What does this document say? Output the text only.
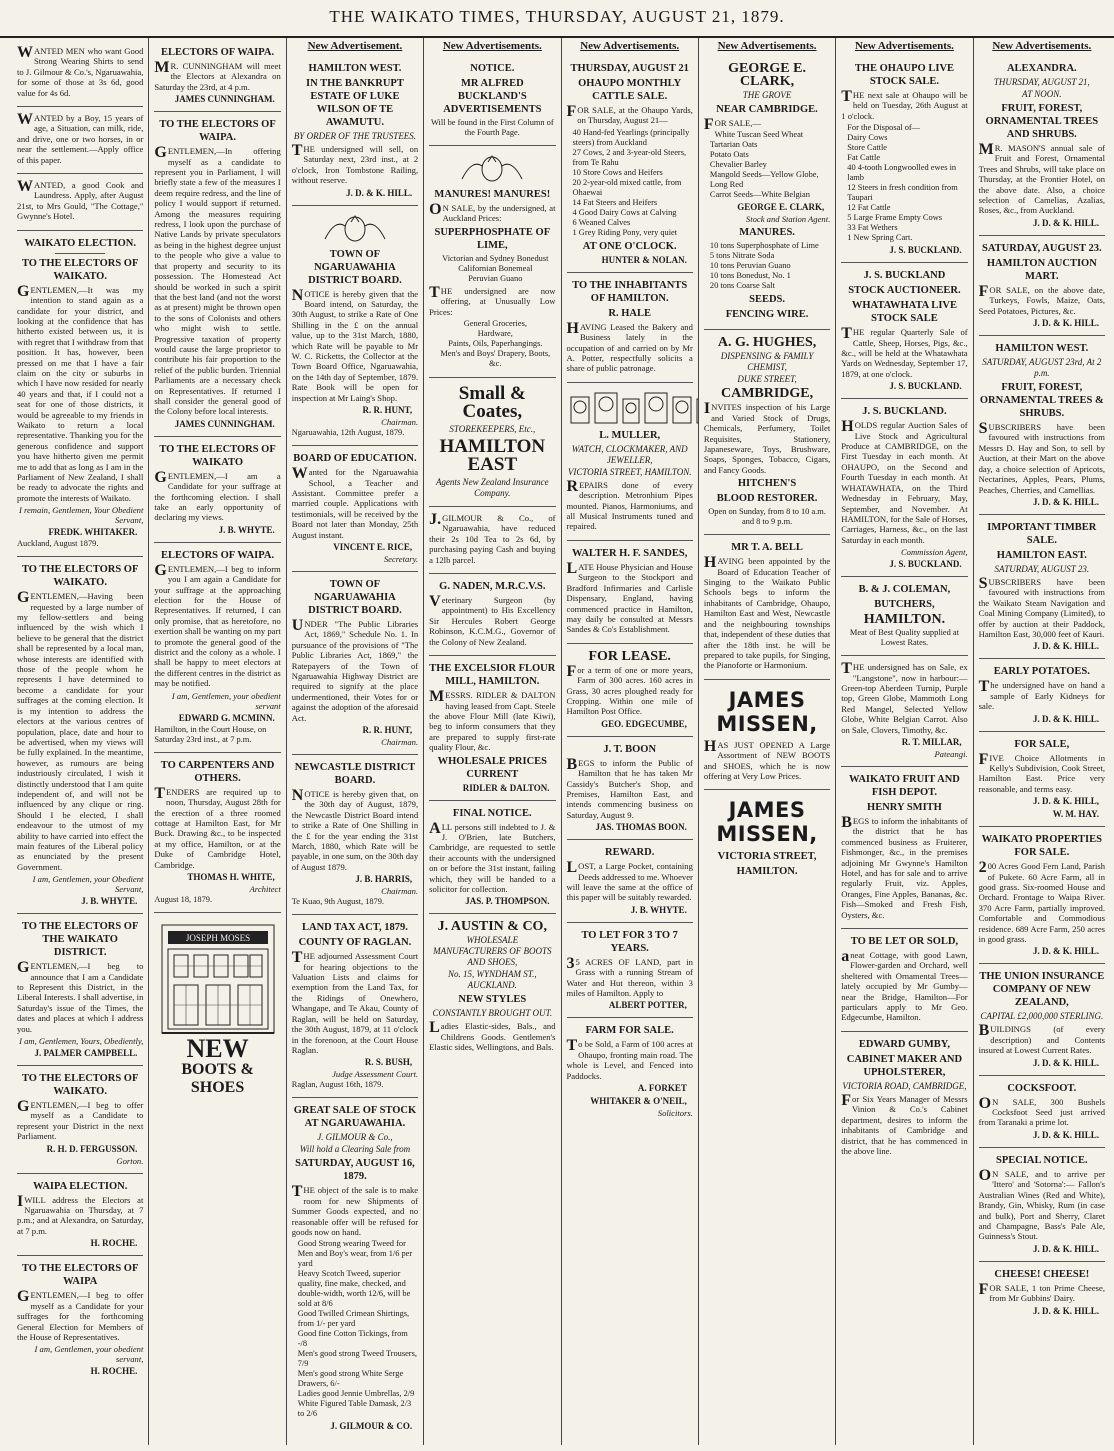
THE WAIKATO TIMES, THURSDAY, AUGUST 21, 1879.

WANTED MEN who want Good Strong Wearing Shirts to send to J. Gilmour & Co.'s, Ngaruawahia, for some of those at 3s 6d, good value for 4s 6d.

WANTED by a Boy, 15 years of age, a Situation, can milk, ride, and drive, one or two horses, in or near the settlement.—Apply office of this paper.

WANTED, a good Cook and Laundress. Apply, after August 21st, to Mrs Gould, "The Cottage," Gwynne's Hotel.

WAIKATO ELECTION.
TO THE ELECTORS OF WAIKATO.

GENTLEMEN,—It was my intention to stand again as a candidate for your district, and looking at the confidence that has hitherto existed between us, it is with regret that I withdraw from that position. It has, however, been pressed on me that I have a fair claim on the city or suburbs in which I have now resided for nearly 40 years and that, if I could not a seat for one of those districts, it would be agreeable to my friends in Waikato to return a local representative. Thanking you for the generous confidence and support you have hitherto given me permit me to add that as long as I am in the Parliament of New Zealand, I shall be ready to advocate the rights and promote the interests of Waikato.

I remain, Gentlemen, Your Obedient Servant,

FREDK. WHITAKER.

Auckland, August 1879.

TO THE ELECTORS OF WAIKATO.

GENTLEMEN,—Having been requested by a large number of my fellow-settlers and being influenced by the wish which I believe to be general that the district shall be represented by a local man, whose interests are identified with those of the people whom he represents I have determined to become a candidate for your suffrages at the coming election. It is my intention to address the electors at the various centres of population, place, date and hour to be advertised, when my views will be fully explained. In the meantime, however, as rumours are being industriously circulated, I wish it distinctly understood that I am quite independent of, and will not be influenced by any clique or ring. Should I be elected, I shall endeavour to the utmost of my ability to have carried into effect the main features of the Liberal policy as enunciated by the present Government.

I am, Gentlemen, your Obedient Servant,

J. B. WHYTE.

TO THE ELECTORS OF THE WAIKATO DISTRICT.

GENTLEMEN,—I beg to announce that I am a Candidate to Represent this District, in the Liberal Interests. I shall advertise, in Saturday's issue of the Times, the dates and places at which I address you.

I am, Gentlemen, Yours, Obediently,

J. PALMER CAMPBELL.

TO THE ELECTORS OF WAIKATO.

GENTLEMEN,—I beg to offer myself as a Candidate to represent your District in the next Parliament.

R. H. D. FERGUSSON.

Gorton.

WAIPA ELECTION.

IWILL address the Electors at Ngaruawahia on Thursday, at 7 p.m.; and at Alexandra, on Saturday, at 7 p.m.

H. ROCHE.

TO THE ELECTORS OF WAIPA

GENTLEMEN,—I beg to offer myself as a Candidate for your suffrages for the forthcoming General Election for Members of the House of Representatives.

I am, Gentlemen, your obedient servant,

H. ROCHE.

ELECTORS OF WAIPA.

MR. CUNNINGHAM will meet the Electors at Alexandra on Saturday the 23rd, at 4 p.m.

JAMES CUNNINGHAM.

TO THE ELECTORS OF WAIPA.

GENTLEMEN,—In offering myself as a candidate to represent you in Parliament, I will briefly state a few of the measures I deem require redress, and the line of policy I would support if returned. Among the measures requiring redress, I look upon the purchase of Native Lands by private speculators as being in the highest degree unjust to the people who give a value to that property and security to its possession. The Homestead Act should be worked in such a spirit that the best land (and not the worst as at present) might be thrown open to the sons of Colonists and others who might wish to settle. Progressive taxation of property would cause the large proprietor to contribute his fair proportion to the relief of the public burden. Triennial Parliaments are a necessary check on Representatives. If returned I shall consider the general good of the Colony before local interests.

JAMES CUNNINGHAM.

TO THE ELECTORS OF WAIKATO

GENTLEMEN,—I am a Candidate for your suffrage at the forthcoming election. I shall take an early opportunity of declaring my views.

J. B. WHYTE.

ELECTORS OF WAIPA.

GENTLEMEN,—I beg to inform you I am again a Candidate for your suffrage at the approaching election for the House of Representatives. If returned, I can only promise, that as heretofore, no exertion shall be wanting on my part to promote the general good of the district and the colony as a whole. I shall be happy to meet electors at the different centres in the district as may be notified.

I am, Gentlemen, your obedient servant

EDWARD G. MCMINN.

Hamilton, in the Court House, on Saturday 23rd inst., at 7 p.m.

TO CARPENTERS AND OTHERS.

TENDERS are required up to noon, Thursday, August 28th for the erection of a three roomed cottage at Hamilton East, for Mr Buck. Drawing &c., to be inspected at my office, Hamilton, or at the Duke of Cambridge Hotel, Cambridge.

THOMAS H. WHITE,

Architect

August 18, 1879.

JOSEPH MOSES
NEW
BOOTS & SHOES
New Advertisement.
HAMILTON WEST.
IN THE BANKRUPT ESTATE OF LUKE WILSON OF TE AWAMUTU.
BY ORDER OF THE TRUSTEES.

THE undersigned will sell, on Saturday next, 23rd inst., at 2 o'clock, Iron Tombstone Railing, without reserve.

J. D. & K. HILL.

TOWN OF NGARUAWAHIA DISTRICT BOARD.

NOTICE is hereby given that the Board intend, on Saturday, the 30th August, to strike a Rate of One Shilling in the £ on the annual value, up to the 31st March, 1880, which Rate will be payable to Mr W. C. Ricketts, the Collector at the Town Board Office, Ngaruawahia, on the 14th day of September, 1879. Rate Book will be open for inspection at Mr Laing's Shop.

R. R. HUNT,

Chairman.

Ngaruawahia, 12th August, 1879.

BOARD OF EDUCATION.

Wanted for the Ngaruawahia School, a Teacher and Assistant. Committee prefer a married couple. Applications with testimonials, will be received by the Board not later than Monday, 25th August instant.

VINCENT E. RICE,

Secretary.

TOWN OF NGARUAWAHIA DISTRICT BOARD.

UNDER "The Public Libraries Act, 1869," Schedule No. 1. In pursuance of the provisions of "The Public Libraries Act, 1869," the Ratepayers of the Town of Ngaruawahia Highway District are required to signify at the place undermentioned, their Votes for or against the adoption of the aforesaid Act.

R. R. HUNT,

Chairman.

NEWCASTLE DISTRICT BOARD.

NOTICE is hereby given that, on the 30th day of August, 1879, the Newcastle District Board intend to strike a Rate of One Shilling in the £ for the year ending the 31st March, 1880, which Rate will be payable, in one sum, on the 30th day of August 1879.

J. B. HARRIS,

Chairman.

Te Kuao, 9th August, 1879.

LAND TAX ACT, 1879.
COUNTY OF RAGLAN.

THE adjourned Assessment Court for hearing objections to the Valuation Lists and claims for exemption from the Land Tax, for the Ridings of Onewhero, Whangape, and Te Akau, County of Raglan, will be held on Saturday, the 30th August, 1879, at 11 o'clock in the forenoon, at the Court House Raglan.

R. S. BUSH,

Judge Assessment Court.

Raglan, August 16th, 1879.

GREAT SALE OF STOCK AT NGARUAWAHIA.
J. GILMOUR & Co.,
Will hold a Clearing Sale from
SATURDAY, AUGUST 16, 1879.

THE object of the sale is to make room for new Shipments of Summer Goods expected, and no reasonable offer will be refused for goods now on hand.

Good Strong wearing Tweed for Men and Boy's wear, from 1/6 per yard
Heavy Scotch Tweed, superior quality, fine make, checked, and double-width, worth 12/6, will be sold at 8/6
Good Twilled Crimean Shirtings, from 1/- per yard
Good fine Cotton Tickings, from -/8
Men's good strong Tweed Trousers, 7/9
Men's good strong White Serge Drawers, 6/-
Ladies good Jennie Umbrellas, 2/9
White Figured Table Damask, 2/3 to 2/6

J. GILMOUR & CO.

New Advertisements.
NOTICE.
MR ALFRED BUCKLAND'S ADVERTISEMENTS

Will be found in the First Column of the Fourth Page.

MANURES! MANURES!

ON SALE, by the undersigned, at Auckland Prices:

SUPERPHOSPHATE OF LIME,
Victorian and Sydney Bonedust
Californian Bonemeal
Peruvian Guano

THE undersigned are now offering, at Unusually Low Prices:

General Groceries,
Hardware,
Paints, Oils, Paperhangings.
Men's and Boys' Drapery, Boots, &c.
Small & Coates,
STOREKEEPERS, Etc.,
HAMILTON EAST

Agents New Zealand Insurance Company.

J.GILMOUR & Co., of Ngaruawahia, have reduced their 2s 10d Tea to 2s 6d, by purchasing paying Cash and buying a 12lb parcel.

G. NADEN, M.R.C.V.S.

Veterinary Surgeon (by appointment) to His Excellency Sir Hercules Robert George Robinson, K.C.M.G., Governor of the Colony of New Zealand.

THE EXCELSIOR FLOUR MILL, HAMILTON.

MESSRS. RIDLER & DALTON having leased from Capt. Steele the above Flour Mill (late Kiwi), beg to inform consumers that they are prepared to supply first-rate quality Flour, &c.

WHOLESALE PRICES CURRENT

RIDLER & DALTON.

FINAL NOTICE.

ALL persons still indebted to J. & J. O'Brien, late Butchers, Cambridge, are requested to settle their accounts with the undersigned on or before the 31st instant, failing which, they will be handed to a solicitor for collection.

JAS. P. THOMPSON.

J. AUSTIN & CO,
WHOLESALE MANUFACTURERS OF BOOTS AND SHOES,
No. 15, WYNDHAM ST., AUCKLAND.
NEW STYLES
CONSTANTLY BROUGHT OUT.

Ladies Elastic-sides, Bals., and Childrens Goods. Gentlemen's Elastic sides, Wellingtons, and Bals.

New Advertisements.
THURSDAY, AUGUST 21
OHAUPO MONTHLY CATTLE SALE.

FOR SALE, at the Ohaupo Yards, on Thursday, August 21—

40 Hand-fed Yearlings (principally steers) from Auckland
27 Cows, 2 and 3-year-old Steers, from Te Rahu
10 Store Cows and Heifers
20 2-year-old mixed cattle, from Ohaewai
14 Fat Steers and Heifers
4 Good Dairy Cows at Calving
6 Weaned Calves
1 Grey Riding Pony, very quiet
AT ONE O'CLOCK.

HUNTER & NOLAN.

TO THE INHABITANTS OF HAMILTON.
R. HALE

HAVING Leased the Bakery and Business lately in the occupation of and carried on by Mr A. Potter, respectfully solicits a share of public patronage.

L. MULLER,
WATCH, CLOCKMAKER, AND JEWELLER,
VICTORIA STREET, HAMILTON.

REPAIRS done of every description. Metronhium Pipes mounted. Pianos, Harmoniums, and all Musical Instruments tuned and repaired.

WALTER H. F. SANDES,

LATE House Physician and House Surgeon to the Stockport and Bradford Infirmaries and Carlisle Dispensary, England, having commenced practice in Hamilton, may daily be consulted at Messrs Sandes & Co's Establishment.

FOR LEASE.

For a term of one or more years, Farm of 300 acres. 160 acres in Grass, 30 acres ploughed ready for Cropping. Within one mile of Hamilton Post Office.

GEO. EDGECUMBE,

J. T. BOON

BEGS to inform the Public of Hamilton that he has taken Mr Cassidy's Butcher's Shop, and Premises, Hamilton East, and intends commencing business on Saturday, August 9.

JAS. THOMAS BOON.

REWARD.

LOST, a Large Pocket, containing Deeds addressed to me. Whoever will leave the same at the office of this paper will be suitably rewarded.

J. B. WHYTE.

TO LET FOR 3 TO 7 YEARS.

35 ACRES OF LAND, part in Grass with a running Stream of Water and Hut thereon, within 3 miles of Hamilton. Apply to

ALBERT POTTER,

FARM FOR SALE.

To be Sold, a Farm of 100 acres at Ohaupo, fronting main road. The whole is Level, and Fenced into Paddocks.

A. FORKET

WHITAKER & O'NEIL,

Solicitors.

New Advertisements.
GEORGE E. CLARK,
THE GROVE
NEAR CAMBRIDGE.

FOR SALE,—

White Tuscan Seed Wheat
Tartarian Oats
Potato Oats
Chevalier Barley
Mangold Seeds—Yellow Globe, Long Red
Carrot Seeds—White Belgian

GEORGE E. CLARK,

Stock and Station Agent.

MANURES.
10 tons Superphosphate of Lime
5 tons Nitrate Soda
10 tons Peruvian Guano
10 tons Bonedust, No. 1
20 tons Coarse Salt
SEEDS.
FENCING WIRE.
A. G. HUGHES,
DISPENSING & FAMILY CHEMIST,
DUKE STREET,
CAMBRIDGE,

INVITES inspection of his Large and Varied Stock of Drugs, Chemicals, Perfumery, Toilet Requisites, Stationery, Japaneseware, Toys, Brushware, Soaps, Sponges, Tobacco, Cigars, and Fancy Goods.

HITCHEN'S
BLOOD RESTORER.

Open on Sunday, from 8 to 10 a.m. and 8 to 9 p.m.

MR T. A. BELL

HAVING been appointed by the Board of Education Teacher of Singing to the Waikato Public Schools begs to inform the inhabitants of Cambridge, Ohaupo, Hamilton East and West, Newcastle and the neighbouring townships that, independent of these duties that after the 18th inst. he will be prepared to take pupils, for Singing, the Pianoforte or Harmonium.

JAMES MISSEN,

HAS JUST OPENED A Large Assortment of NEW BOOTS and SHOES, which he is now offering at Very Low Prices.

JAMES MISSEN,
VICTORIA STREET,
HAMILTON.
New Advertisements.
THE OHAUPO LIVE STOCK SALE.

THE next sale at Ohaupo will be held on Tuesday, 26th August at 1 o'clock.

For the Disposal of—
Dairy Cows
Store Cattle
Fat Cattle
40 4-tooth Longwoolled ewes in lamb
12 Steers in fresh condition from Taupari
12 Fat Cattle
5 Large Frame Empty Cows
33 Fat Wethers
1 New Spring Cart.

J. S. BUCKLAND.

J. S. BUCKLAND
STOCK AUCTIONEER.
WHATAWHATA LIVE STOCK SALE

THE regular Quarterly Sale of Cattle, Sheep, Horses, Pigs, &c., &c., will be held at the Whatawhata Yards on Wednesday, September 17, 1879, at one o'clock.

J. S. BUCKLAND.

J. S. BUCKLAND.

HOLDS regular Auction Sales of Live Stock and Agricultural Produce at CAMBRIDGE, on the First Tuesday in each month. At OHAUPO, on the Second and Fourth Tuesday in each month. At WHATAWHATA, on the Third Wednesday in February, May, September, and November. At HAMILTON, for the Sale of Horses, Carriages, Harness, &c., on the last Saturday in each month.

Commission Agent,

J. S. BUCKLAND.

B. & J. COLEMAN,
BUTCHERS,
HAMILTON.

Meat of Best Quality supplied at Lowest Rates.

THE undersigned has on Sale, ex "Langstone", now in harbour:— Green-top Aberdeen Turnip, Purple top, Green Globe, Mammoth Long Red Mangel, Selected Yellow Globe, White Belgian Carrot. Also on Sale, Clovers, Timothy, &c.

R. T. MILLAR,

Pateangi.

WAIKATO FRUIT AND FISH DEPOT.
HENRY SMITH

BEGS to inform the inhabitants of the district that he has commenced business as Fruiterer, Fishmonger, &c., in the premises adjoining Mr Gwynne's Hamilton Hotel, and has for sale and to arrive regularly Fruit, viz. Apples, Oranges, Fine Apples, Bananas, &c. Fish—Smoked and Fresh Fish, Oysters, &c.

TO BE LET OR SOLD,

aneat Cottage, with good Lawn, Flower-garden and Orchard, well sheltered with Ornamental Trees—lately occupied by Mr Gumby—near the Bridge, Hamilton—For particulars apply to Mr Geo. Edgecumbe, Hamilton.

EDWARD GUMBY,
CABINET MAKER AND UPHOLSTERER,
VICTORIA ROAD, CAMBRIDGE,

For Six Years Manager of Messrs Vinion & Co.'s Cabinet department, desires to inform the inhabitants of Cambridge and district, that he has commenced in the above line.

New Advertisements.
ALEXANDRA.
THURSDAY, AUGUST 21,
AT NOON.
FRUIT, FOREST, ORNAMENTAL TREES AND SHRUBS.

MR. MASON'S annual sale of Fruit and Forest, Ornamental Trees and Shrubs, will take place on Thursday, at the Frontier Hotel, on the above date. Also, a choice selection of Camelias, Azalias, Roses, &c., from Auckland.

J. D. & K. HILL.

SATURDAY, AUGUST 23.
HAMILTON AUCTION MART.

FOR SALE, on the above date, Turkeys, Fowls, Maize, Oats, Seed Potatoes, Pictures, &c.

J. D. & K. HILL.

HAMILTON WEST.
SATURDAY, AUGUST 23rd, At 2 p.m.
FRUIT, FOREST, ORNAMENTAL TREES & SHRUBS.

SUBSCRIBERS have been favoured with instructions from Messrs D. Hay and Son, to sell by Auction, at their Mart on the above day, a choice selection of Apricots, Nectarines, Apples, Pears, Plums, Peaches, Cherries, and Camellias.

J. D. & K. HILL.

IMPORTANT TIMBER SALE.
HAMILTON EAST.
SATURDAY, AUGUST 23.

SUBSCRIBERS have been favoured with instructions from the Waikato Steam Navigation and Coal Mining Company (Limited), to offer by auction at their Paddock, Hamilton East, 30,000 feet of Kauri.

J. D. & K. HILL.

EARLY POTATOES.

The undersigned have on hand a sample of Early Kidneys for sale.

J. D. & K. HILL.

FOR SALE,

FIVE Choice Allotments in Kelly's Subdivision, Cook Street, Hamilton East. Price very reasonable, and terms easy.

J. D. & K. HILL,

W. M. HAY.

WAIKATO PROPERTIES FOR SALE.

200 Acres Good Fern Land, Parish of Pukete. 60 Acre Farm, all in good grass. Six-roomed House and Orchard. Frontage to Waipa River. 370 Acre Farm, partially improved. Comfortable and Commodious residence. 689 Acre Farm, 250 acres in good grass.

J. D. & K. HILL.

THE UNION INSURANCE COMPANY OF NEW ZEALAND,
CAPITAL £2,000,000 STERLING.

BUILDINGS (of every description) and Contents insured at Lowest Current Rates.

J. D. & K. HILL.

COCKSFOOT.

ON SALE, 300 Bushels Cocksfoot Seed just arrived from Taranaki a prime lot.

J. D. & K. HILL.

SPECIAL NOTICE.

ON SALE, and to arrive per 'Ittero' and 'Sotorna':— Fallon's Australian Wines (Red and White), Brandy, Gin, Whisky, Rum (in case and bulk), Port and Sherry, Claret and Champagne, Bass's Pale Ale, Guinness's Stout.

J. D. & K. HILL.

CHEESE! CHEESE!

FOR SALE, 1 ton Prime Cheese, from Mr Gubbins' Dairy.

J. D. & K. HILL.
